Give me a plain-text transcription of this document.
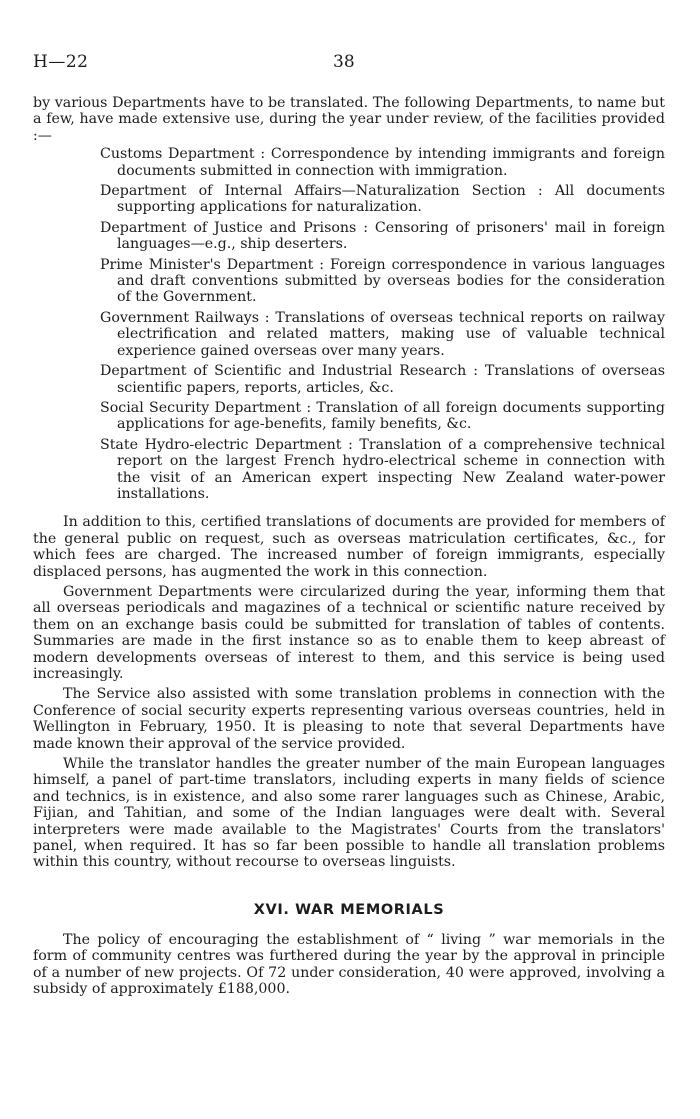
H—22	38

by various Departments have to be translated. The following Departments, to name but a few, have made extensive use, during the year under review, of the facilities provided :—

Customs Department : Correspondence by intending immigrants and foreign documents submitted in connection with immigration.
Department of Internal Affairs—Naturalization Section : All documents supporting applications for naturalization.
Department of Justice and Prisons : Censoring of prisoners' mail in foreign languages—e.g., ship deserters.
Prime Minister's Department : Foreign correspondence in various languages and draft conventions submitted by overseas bodies for the consideration of the Government.
Government Railways : Translations of overseas technical reports on railway electrification and related matters, making use of valuable technical experience gained overseas over many years.
Department of Scientific and Industrial Research : Translations of overseas scientific papers, reports, articles, &c.
Social Security Department : Translation of all foreign documents supporting applications for age-benefits, family benefits, &c.
State Hydro-electric Department : Translation of a comprehensive technical report on the largest French hydro-electrical scheme in connection with the visit of an American expert inspecting New Zealand water-power installations.

In addition to this, certified translations of documents are provided for members of the general public on request, such as overseas matriculation certificates, &c., for which fees are charged. The increased number of foreign immigrants, especially displaced persons, has augmented the work in this connection.

Government Departments were circularized during the year, informing them that all overseas periodicals and magazines of a technical or scientific nature received by them on an exchange basis could be submitted for translation of tables of contents. Summaries are made in the first instance so as to enable them to keep abreast of modern developments overseas of interest to them, and this service is being used increasingly.

The Service also assisted with some translation problems in connection with the Conference of social security experts representing various overseas countries, held in Wellington in February, 1950. It is pleasing to note that several Departments have made known their approval of the service provided.

While the translator handles the greater number of the main European languages himself, a panel of part-time translators, including experts in many fields of science and technics, is in existence, and also some rarer languages such as Chinese, Arabic, Fijian, and Tahitian, and some of the Indian languages were dealt with. Several interpreters were made available to the Magistrates' Courts from the translators' panel, when required. It has so far been possible to handle all translation problems within this country, without recourse to overseas linguists.

XVI. WAR MEMORIALS

The policy of encouraging the establishment of “ living ” war memorials in the form of community centres was furthered during the year by the approval in principle of a number of new projects. Of 72 under consideration, 40 were approved, involving a subsidy of approximately £188,000.
